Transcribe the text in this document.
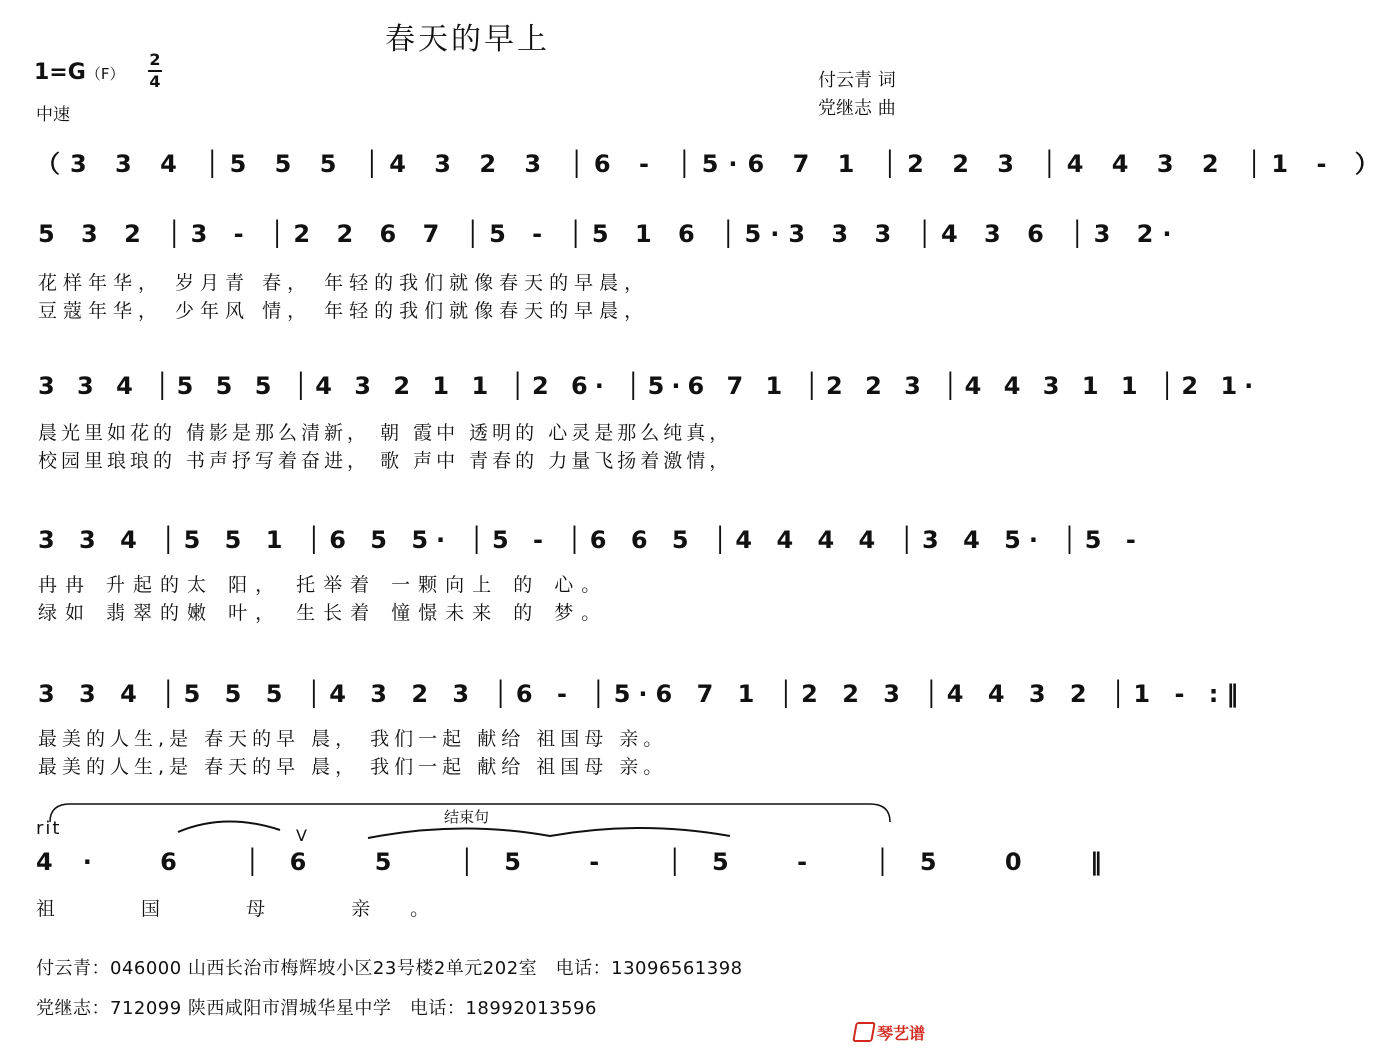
春天的早上
1=G（F）
2
4
中速
付云青 词
党继志 曲
（3 3 4 │5 5 5 │4 3 2 3 │6 - │5·6 7 1 │2 2 3 │4 4 3 2 │1 - ）
5 3 2 │3 - │2 2 6 7 │5 - │5 1 6 │5·3 3 3 │4 3 6 │3 2·
花样年华， 岁月青 春， 年轻的我们就像春天的早晨，
豆蔻年华， 少年风 情， 年轻的我们就像春天的早晨，
3 3 4 │5 5 5 │4 3 2 1 1 │2 6· │5·6 7 1 │2 2 3 │4 4 3 1 1 │2 1·
晨光里如花的 倩影是那么清新， 朝 霞中 透明的 心灵是那么纯真，
校园里琅琅的 书声抒写着奋进， 歌 声中 青春的 力量飞扬着激情，
3 3 4 │5 5 1 │6 5 5· │5 - │6 6 5 │4 4 4 4 │3 4 5· │5 -
冉冉 升起的太 阳， 托举着 一颗向上 的 心。
绿如 翡翠的嫩 叶， 生长着 憧憬未来 的 梦。
3 3 4 │5 5 5 │4 3 2 3 │6 - │5·6 7 1 │2 2 3 │4 4 3 2 │1 - :‖
最美的人生,是 春天的早 晨， 我们一起 献给 祖国母 亲。
最美的人生,是 春天的早 晨， 我们一起 献给 祖国母 亲。
rit
结束句
V
4· 6 │6 5 │5 - │5 - │5 0 ‖
祖 国 母 亲。
付云青：046000 山西长治市梅辉坡小区23号楼2单元202室　电话：13096561398
党继志：712099 陕西咸阳市渭城华星中学　电话：18992013596
琴艺谱
